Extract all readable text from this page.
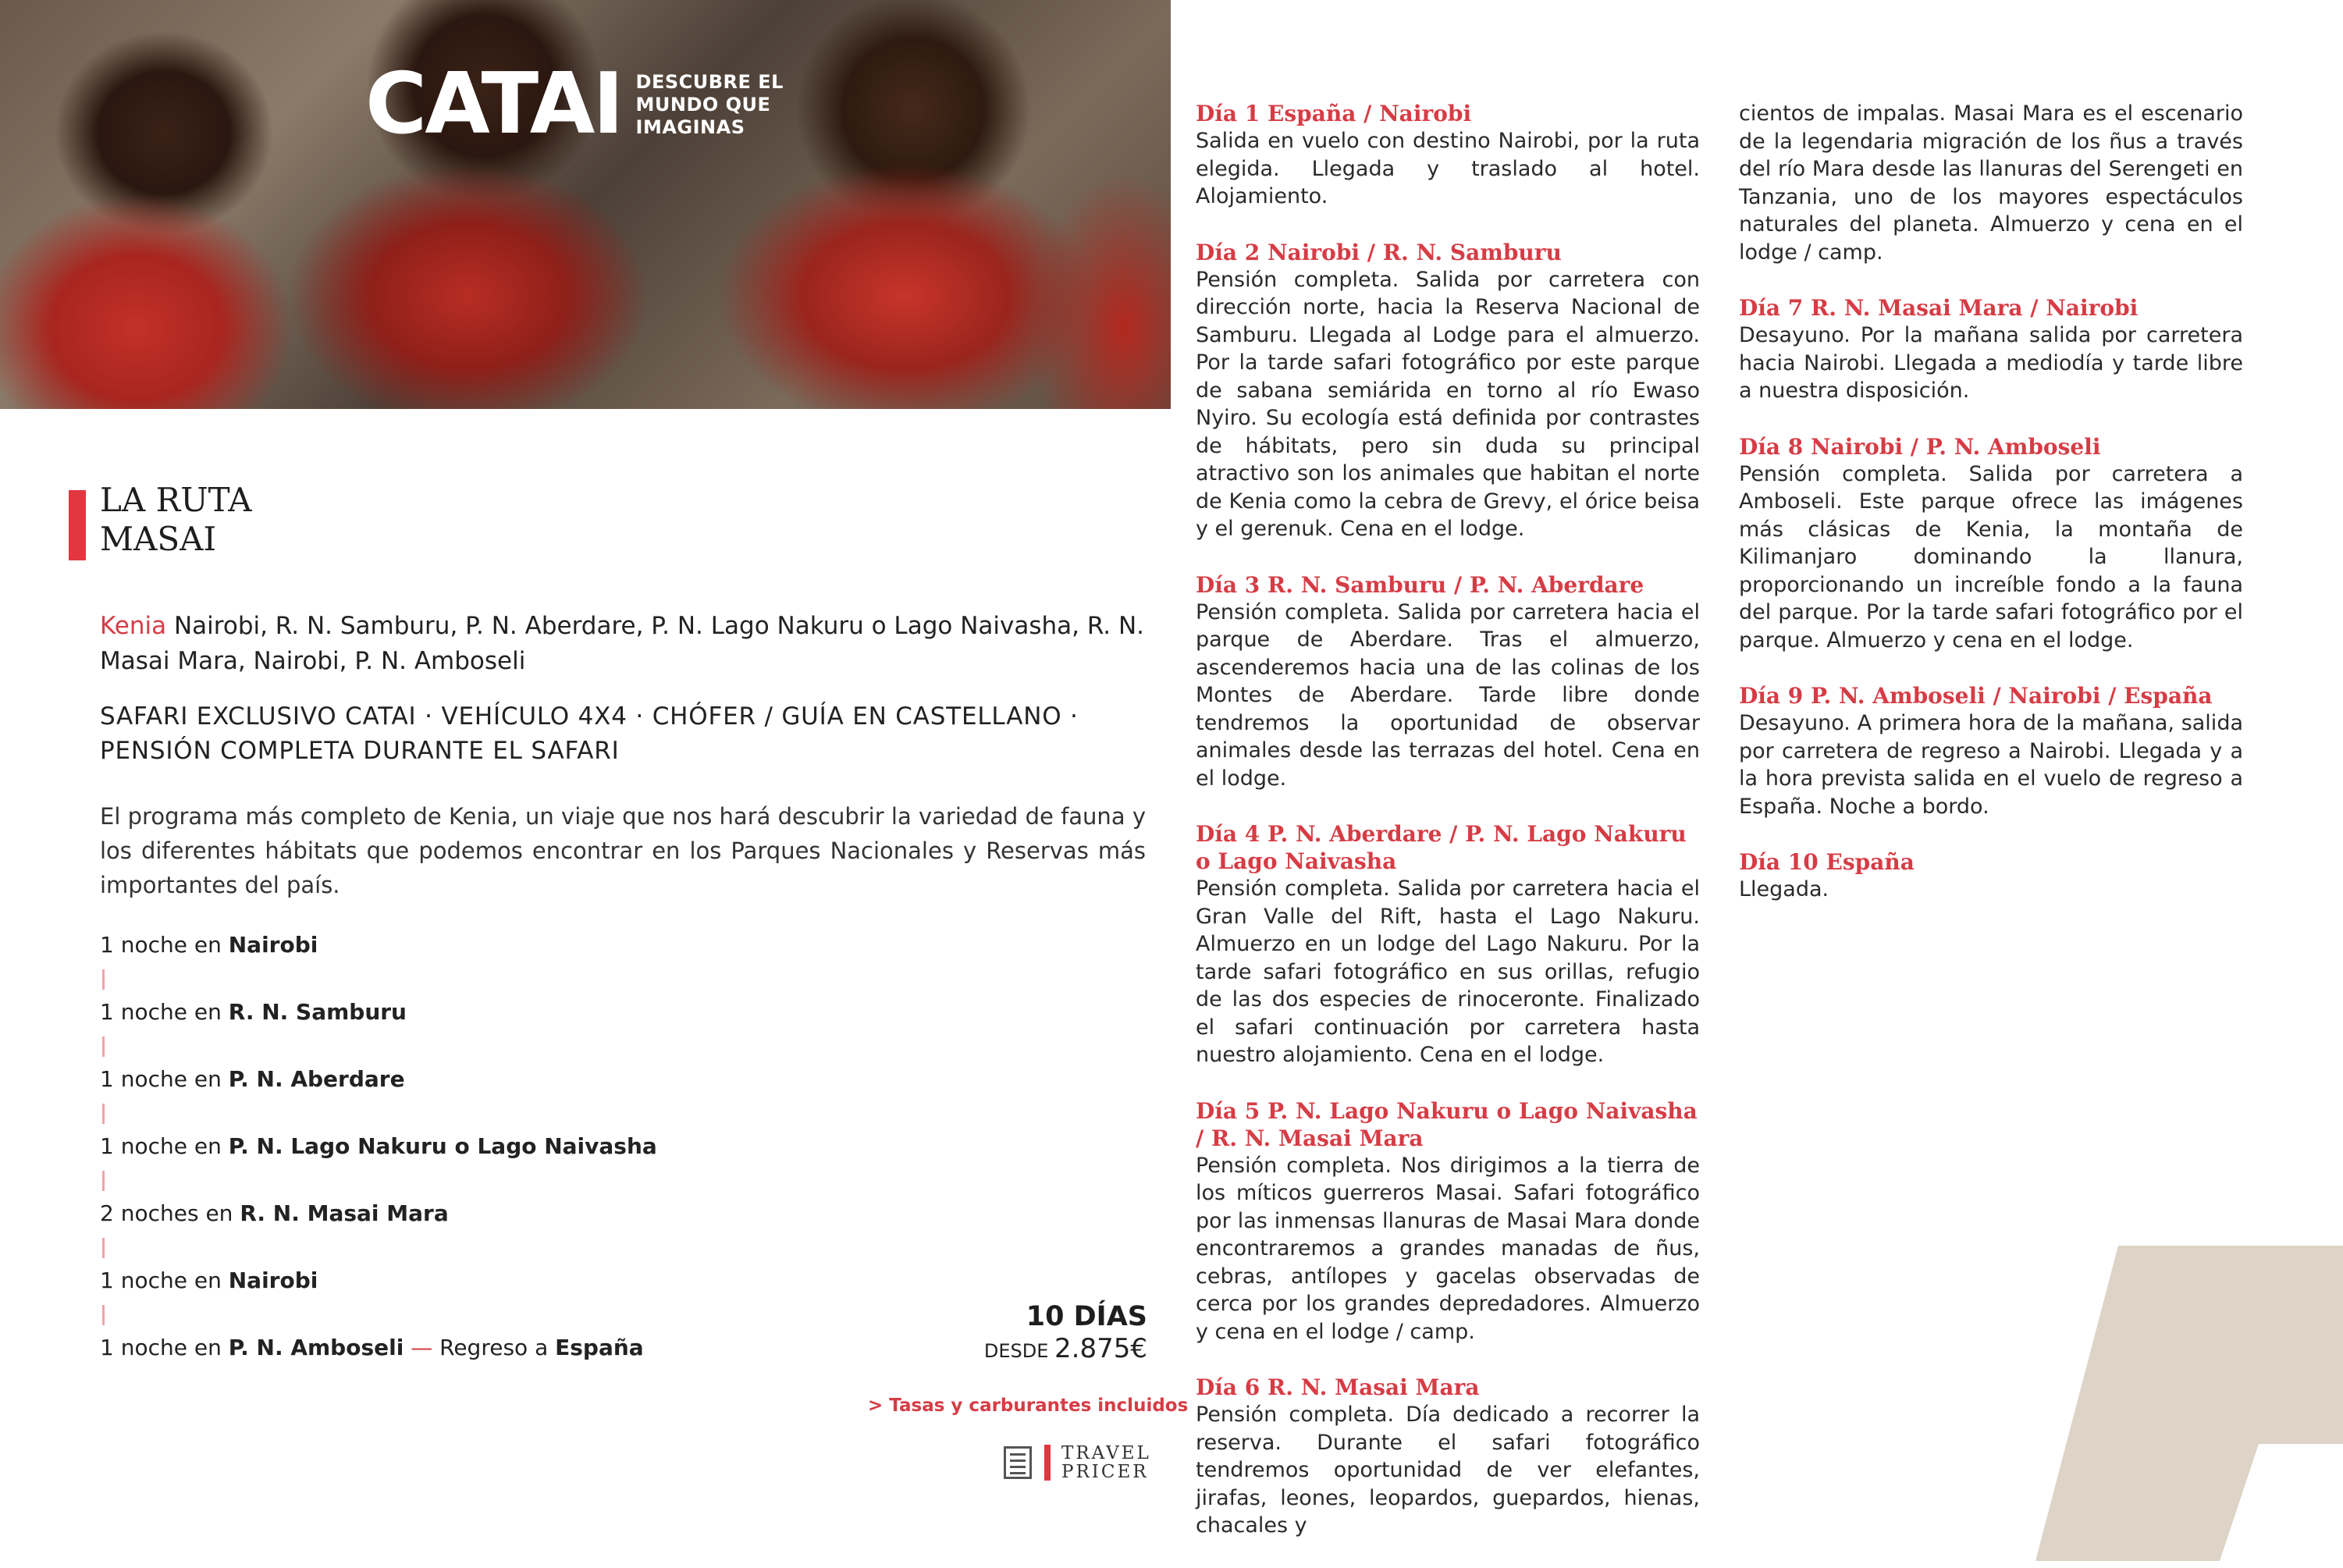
CATAI DESCUBRE EL
MUNDO QUE
IMAGINAS
LA RUTA
MASAI
Kenia Nairobi, R. N. Samburu, P. N. Aberdare, P. N. Lago Nakuru o Lago Naivasha, R. N. Masai Mara, Nairobi, P. N. Amboseli
SAFARI EXCLUSIVO CATAI · VEHÍCULO 4X4 · CHÓFER / GUÍA EN CASTELLANO · PENSIÓN COMPLETA DURANTE EL SAFARI
El programa más completo de Kenia, un viaje que nos hará descubrir la variedad de fauna y los diferentes hábitats que podemos encontrar en los Parques Nacionales y Reservas más importantes del país.
1 noche en Nairobi
1 noche en R. N. Samburu
1 noche en P. N. Aberdare
1 noche en P. N. Lago Nakuru o Lago Naivasha
2 noches en R. N. Masai Mara
1 noche en Nairobi
1 noche en P. N. Amboseli — Regreso a España
10 DÍAS
DESDE 2.875€
> Tasas y carburantes incluidos
TRAVEL
PRICER
Día 1 España / Nairobi
Salida en vuelo con destino Nairobi, por la ruta elegida. Llegada y traslado al hotel. Alojamiento.
Día 2 Nairobi / R. N. Samburu
Pensión completa. Salida por carretera con dirección norte, hacia la Reserva Nacional de Samburu. Llegada al Lodge para el almuerzo. Por la tarde safari fotográfico por este parque de sabana semiárida en torno al río Ewaso Nyiro. Su ecología está definida por contrastes de hábitats, pero sin duda su principal atractivo son los animales que habitan el norte de Kenia como la cebra de Grevy, el órice beisa y el gerenuk. Cena en el lodge.
Día 3 R. N. Samburu / P. N. Aberdare
Pensión completa. Salida por carretera hacia el parque de Aberdare. Tras el almuerzo, ascenderemos hacia una de las colinas de los Montes de Aberdare. Tarde libre donde tendremos la oportunidad de observar animales desde las terrazas del hotel. Cena en el lodge.
Día 4 P. N. Aberdare / P. N. Lago Nakuru o Lago Naivasha
Pensión completa. Salida por carretera hacia el Gran Valle del Rift, hasta el Lago Nakuru. Almuerzo en un lodge del Lago Nakuru. Por la tarde safari fotográfico en sus orillas, refugio de las dos especies de rinoceronte. Finalizado el safari continuación por carretera hasta nuestro alojamiento. Cena en el lodge.
Día 5 P. N. Lago Nakuru o Lago Naivasha / R. N. Masai Mara
Pensión completa. Nos dirigimos a la tierra de los míticos guerreros Masai. Safari fotográfico por las inmensas llanuras de Masai Mara donde encontraremos a grandes manadas de ñus, cebras, antílopes y gacelas observadas de cerca por los grandes depredadores. Almuerzo y cena en el lodge / camp.
Día 6 R. N. Masai Mara
Pensión completa. Día dedicado a recorrer la reserva. Durante el safari fotográfico tendremos oportunidad de ver elefantes, jirafas, leones, leopardos, guepardos, hienas, chacales y
cientos de impalas. Masai Mara es el escenario de la legendaria migración de los ñus a través del río Mara desde las llanuras del Serengeti en Tanzania, uno de los mayores espectáculos naturales del planeta. Almuerzo y cena en el lodge / camp.
Día 7 R. N. Masai Mara / Nairobi
Desayuno. Por la mañana salida por carretera hacia Nairobi. Llegada a mediodía y tarde libre a nuestra disposición.
Día 8 Nairobi / P. N. Amboseli
Pensión completa. Salida por carretera a Amboseli. Este parque ofrece las imágenes más clásicas de Kenia, la montaña de Kilimanjaro dominando la llanura, proporcionando un increíble fondo a la fauna del parque. Por la tarde safari fotográfico por el parque. Almuerzo y cena en el lodge.
Día 9 P. N. Amboseli / Nairobi / España
Desayuno. A primera hora de la mañana, salida por carretera de regreso a Nairobi. Llegada y a la hora prevista salida en el vuelo de regreso a España. Noche a bordo.
Día 10 España
Llegada.
